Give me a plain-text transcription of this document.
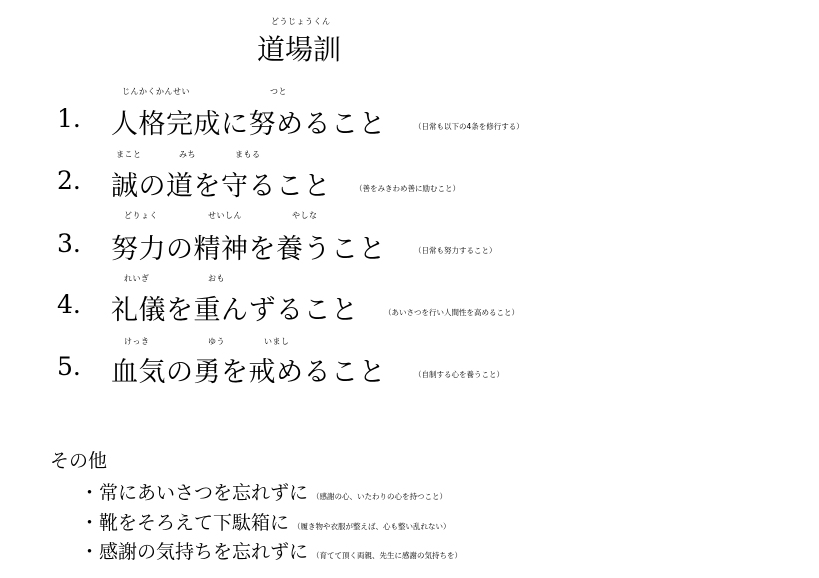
どうじょうくん
道場訓
じんかくかんせい	つと
1. 人格完成に努めること	（日常も以下の4条を修行する）
まこと	みち	まもる
2. 誠の道を守ること	（善をみきわめ善に励むこと）
どりょく	せいしん	やしな
3. 努力の精神を養うこと	（日常も努力すること）
れいぎ	おも
4. 礼儀を重んずること	（あいさつを行い人間性を高めること）
けっき	ゆう	いまし
5. 血気の勇を戒めること	（自制する心を養うこと）
その他
・常にあいさつを忘れずに （感謝の心、いたわりの心を持つこと）
・靴をそろえて下駄箱に （履き物や衣服が整えば、心も整い乱れない）
・感謝の気持ちを忘れずに （育てて頂く両親、先生に感謝の気持ちを）
